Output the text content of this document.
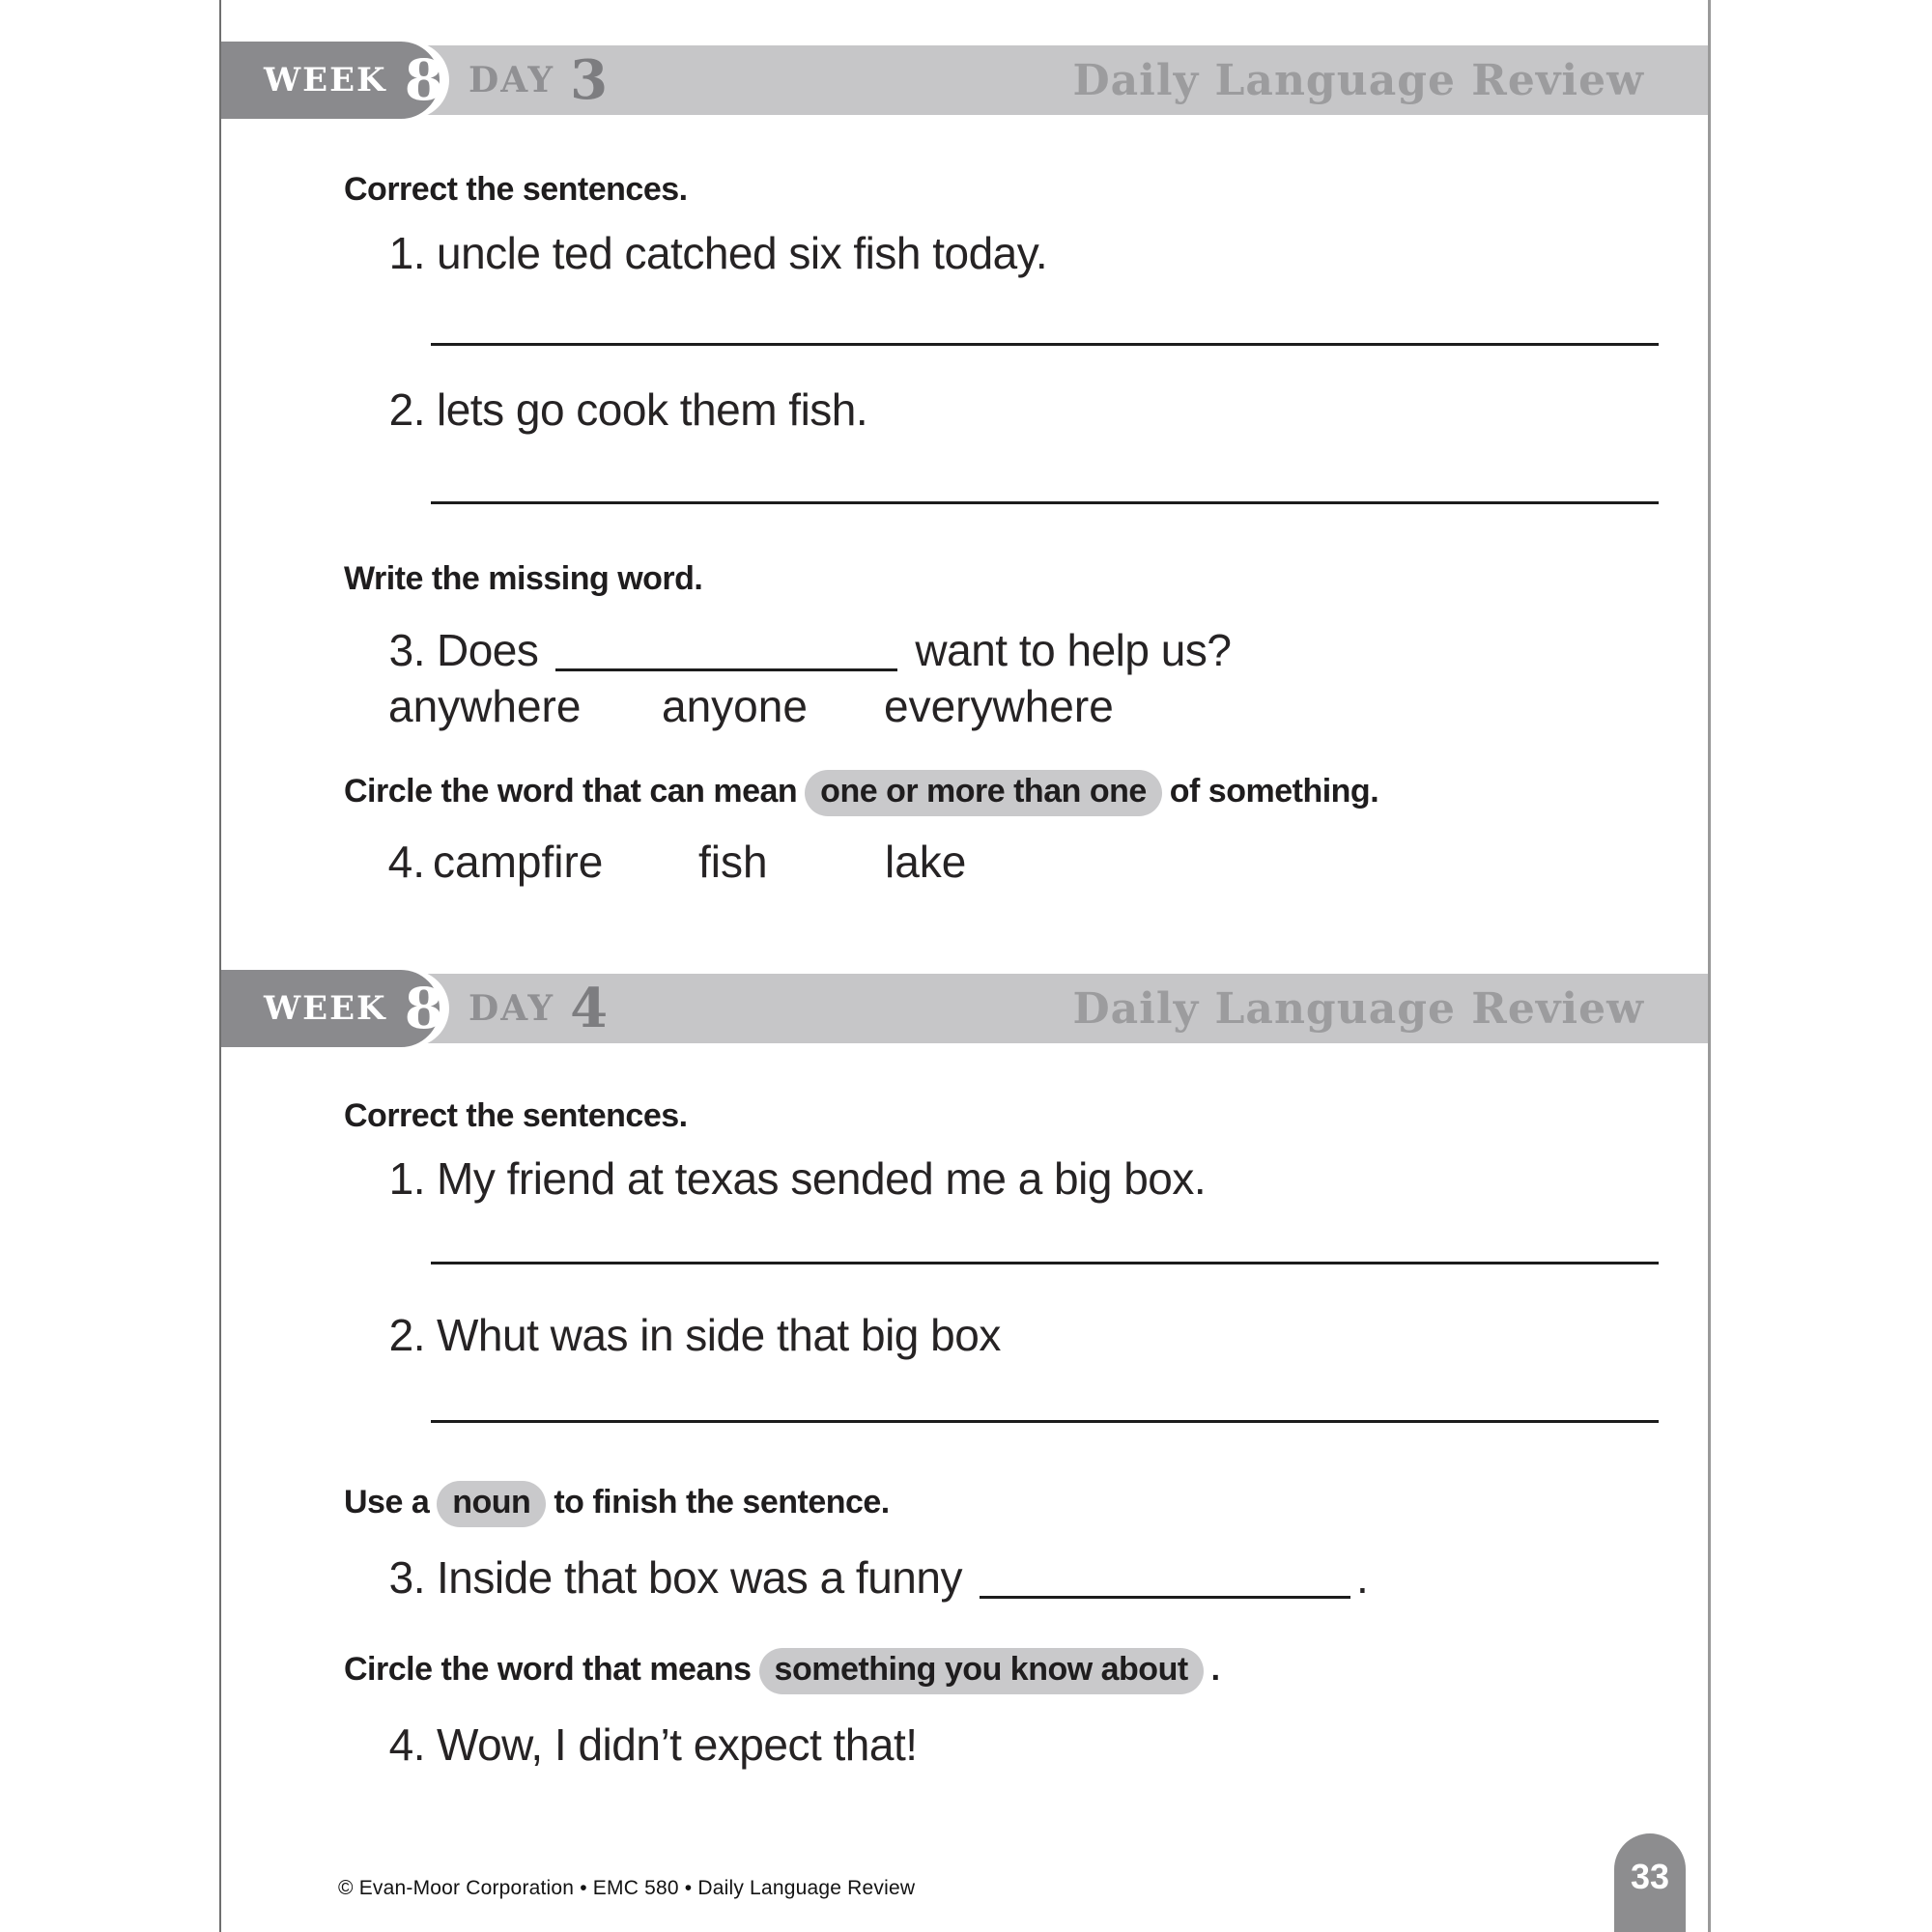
WEEK 8 DAY 3	Daily Language Review
Correct the sentences.
1. uncle ted catched six fish today.
2. lets go cook them fish.
Write the missing word.
3. Does	want to help us?
anywhere anyone everywhere
Circle the word that can mean one or more than one of something.
4. campfire fish	lake
WEEK 8 DAY 4	Daily Language Review
Correct the sentences.
1. My friend at texas sended me a big box.
2. Whut was in side that big box
Use a noun to finish the sentence.
3. Inside that box was a funny	.
Circle the word that means something you know about .
4. Wow, I didn’t expect that!
© Evan-Moor Corporation • EMC 580 • Daily Language Review	33
